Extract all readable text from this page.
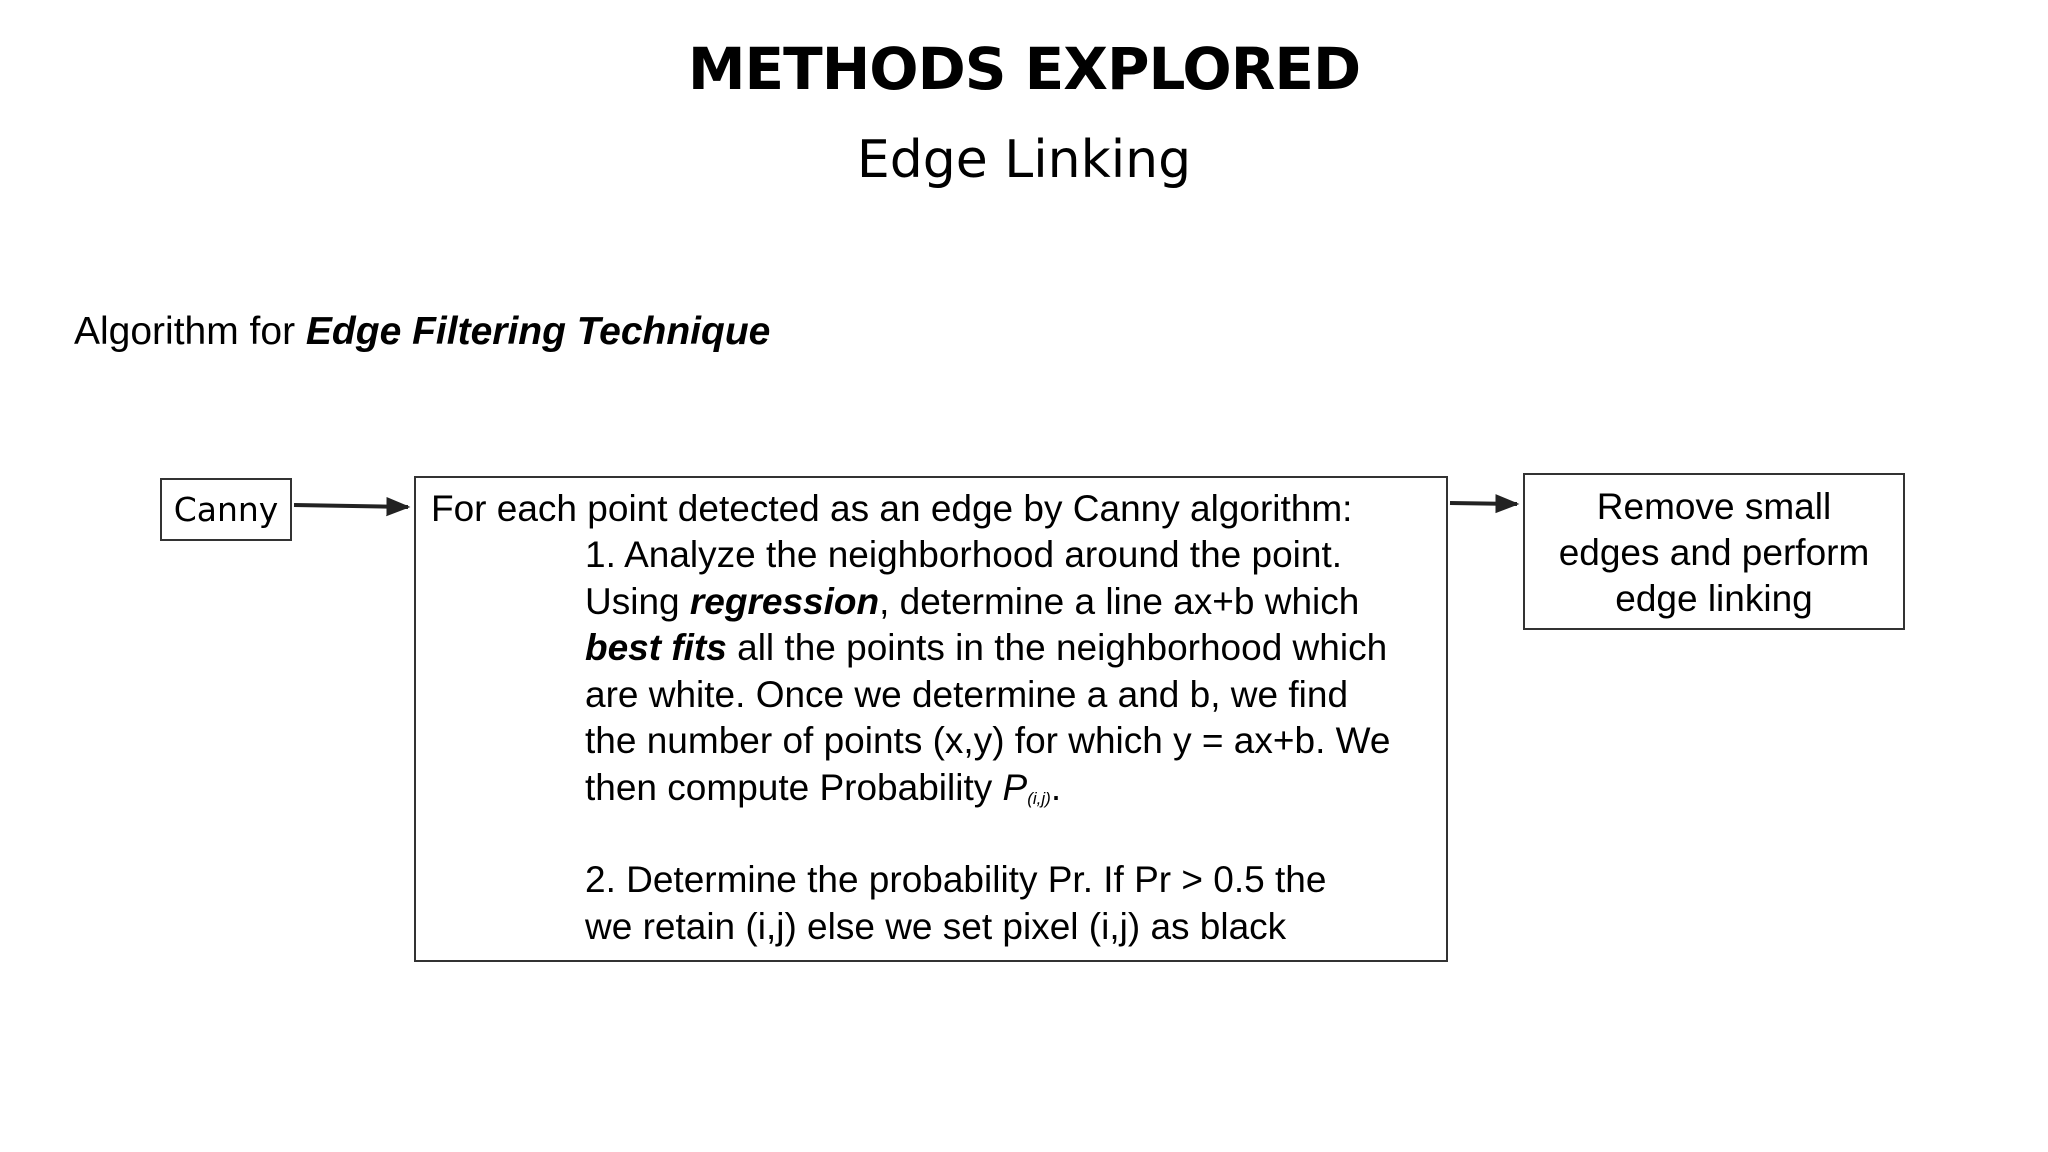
METHODS EXPLORED
Edge Linking
Algorithm for Edge Filtering Technique
Canny	For each point detected as an edge by Canny algorithm:
1. Analyze the neighborhood around the point.
Using regression, determine a line ax+b which
best fits all the points in the neighborhood which
are white. Once we determine a and b, we find
the number of points (x,y) for which y = ax+b. We
then compute Probability P(i,j).
2. Determine the probability Pr. If Pr > 0.5 the
we retain (i,j) else we set pixel (i,j) as black
Remove small
edges and perform
edge linking
